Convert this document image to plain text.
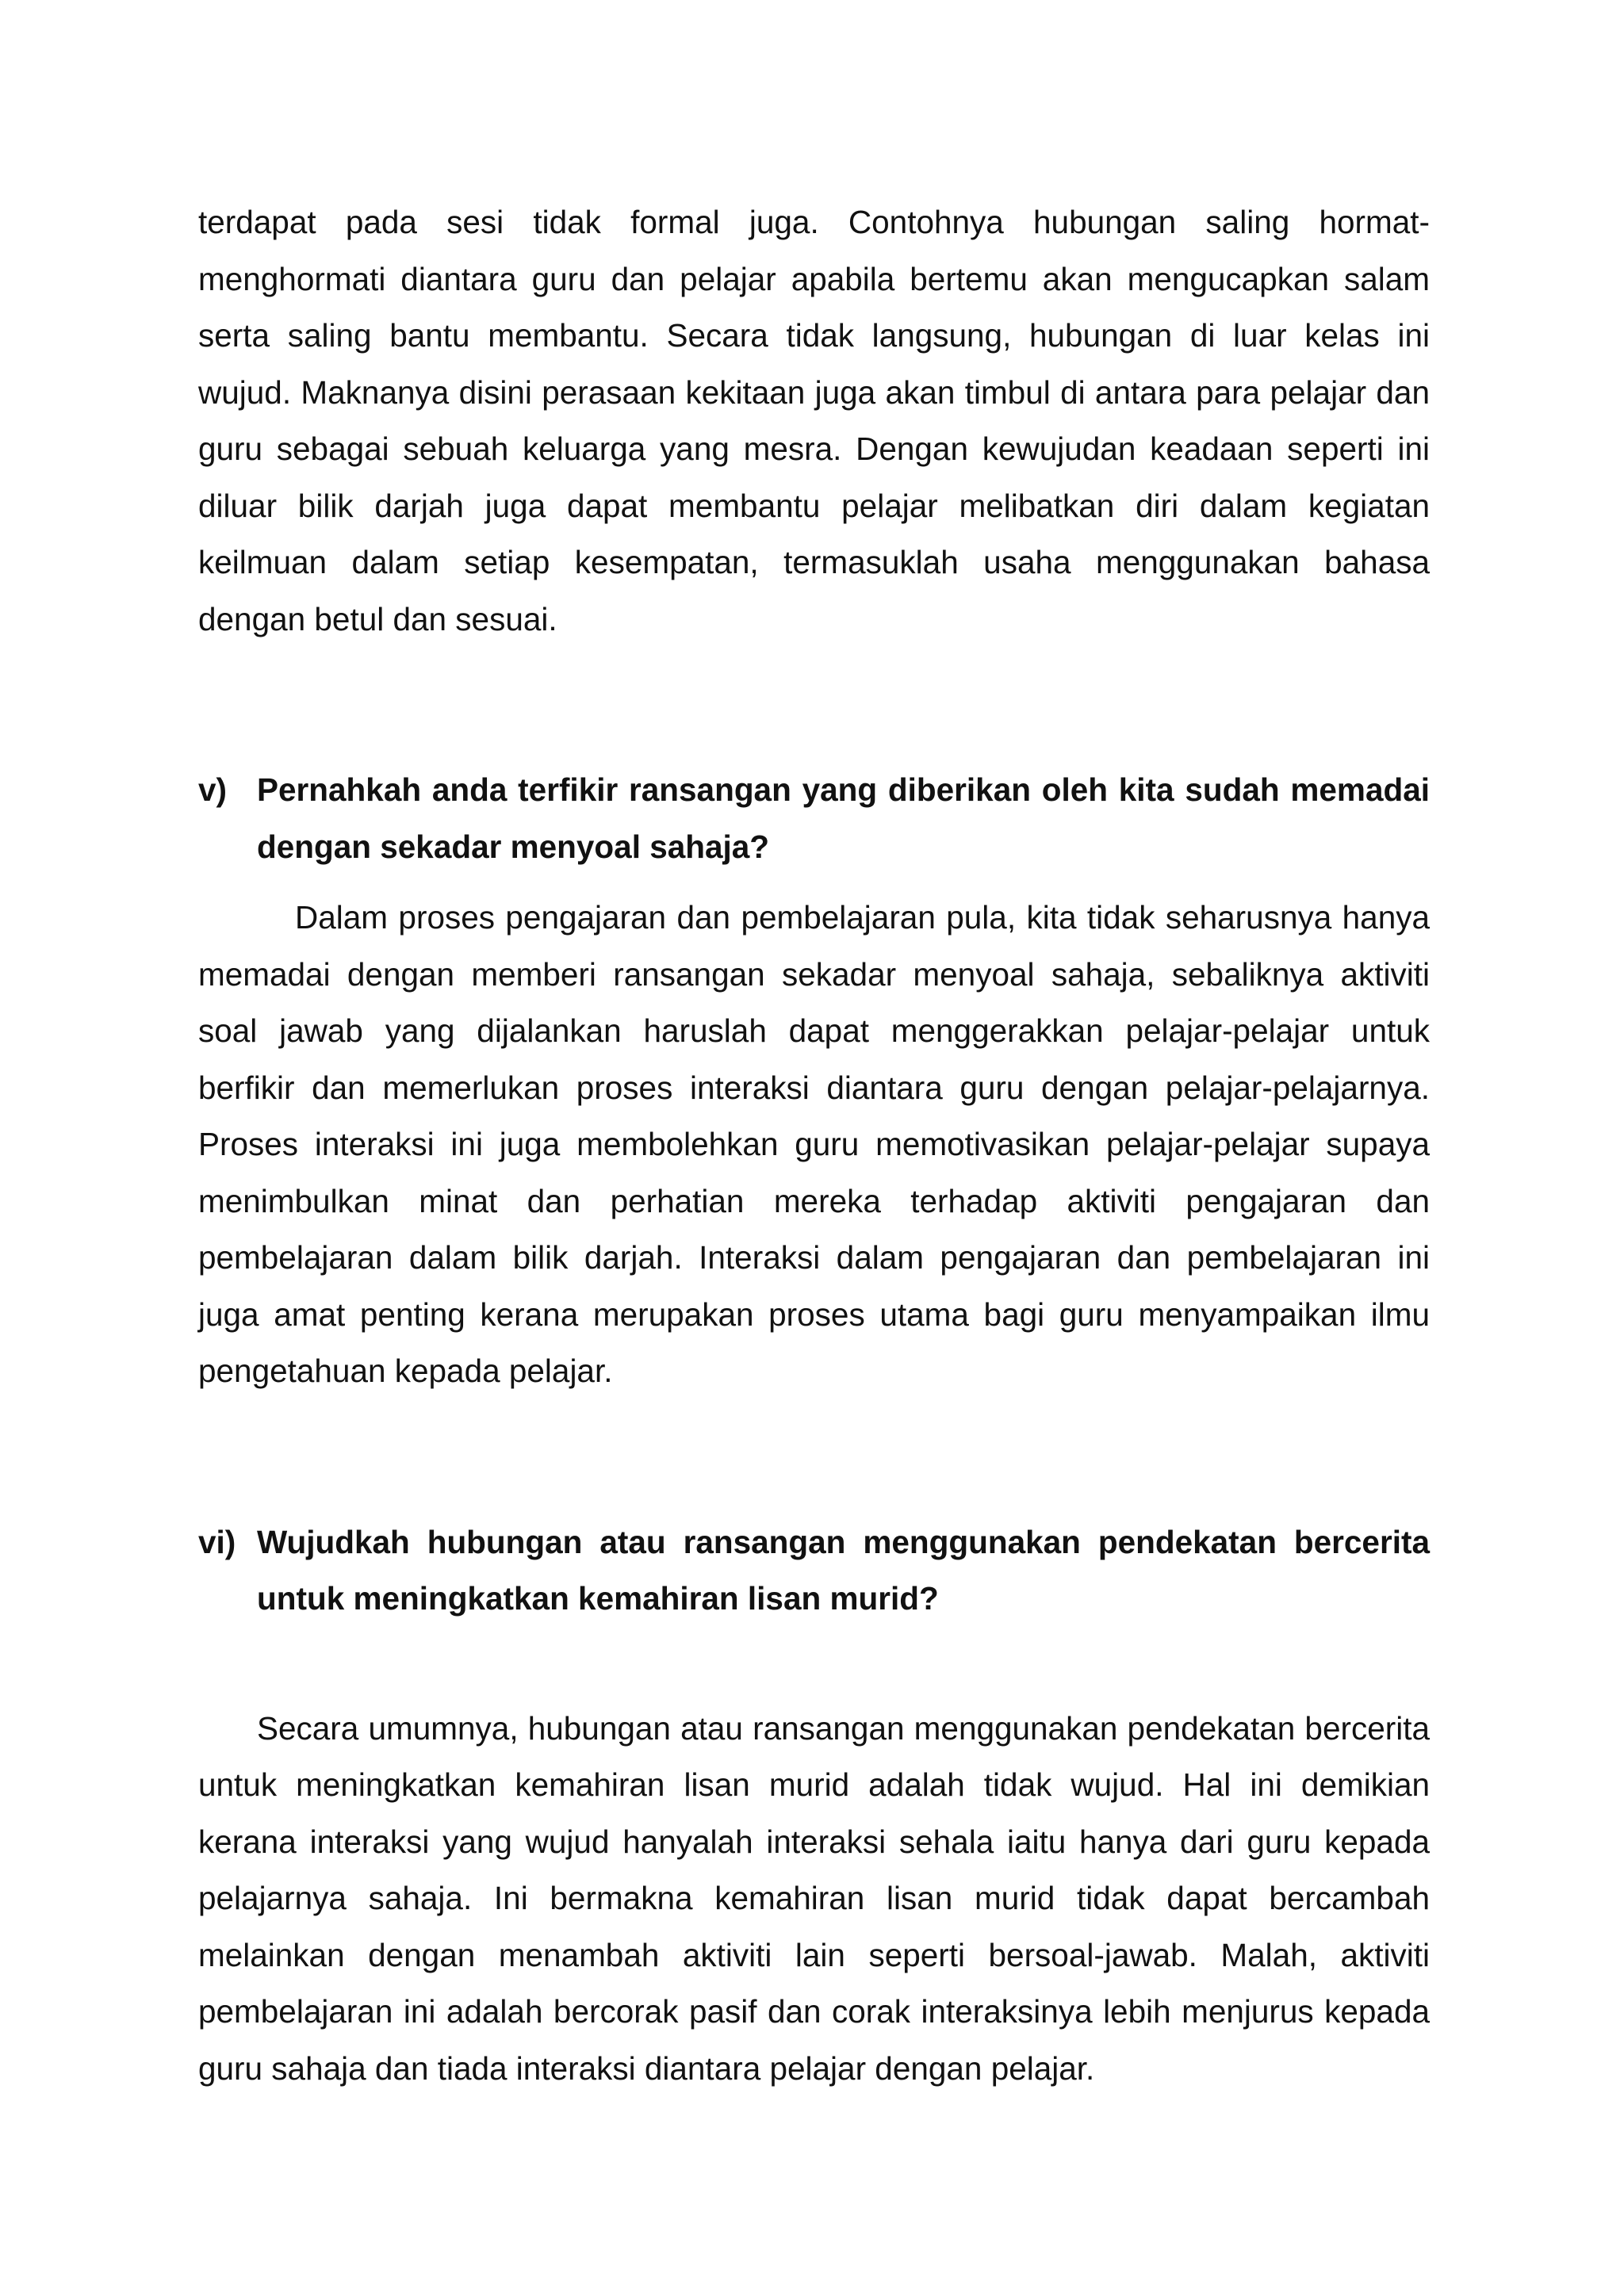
terdapat pada sesi tidak formal juga. Contohnya hubungan saling hormat-menghormati diantara guru dan pelajar apabila bertemu akan mengucapkan salam serta saling bantu membantu. Secara tidak langsung, hubungan di luar kelas ini wujud. Maknanya disini perasaan kekitaan juga akan timbul di antara para pelajar dan guru sebagai sebuah keluarga yang mesra. Dengan kewujudan keadaan seperti ini diluar bilik darjah juga dapat membantu pelajar melibatkan diri dalam kegiatan keilmuan dalam setiap kesempatan, termasuklah usaha menggunakan bahasa dengan betul dan sesuai.

v) Pernahkah anda terfikir ransangan yang diberikan oleh kita sudah memadai dengan sekadar menyoal sahaja?

Dalam proses pengajaran dan pembelajaran pula, kita tidak seharusnya hanya memadai dengan memberi ransangan sekadar menyoal sahaja, sebaliknya aktiviti soal jawab yang dijalankan haruslah dapat menggerakkan pelajar-pelajar untuk berfikir dan memerlukan proses interaksi diantara guru dengan pelajar-pelajarnya. Proses interaksi ini juga membolehkan guru memotivasikan pelajar-pelajar supaya menimbulkan minat dan perhatian mereka terhadap aktiviti pengajaran dan pembelajaran dalam bilik darjah. Interaksi dalam pengajaran dan pembelajaran ini juga amat penting kerana merupakan proses utama bagi guru menyampaikan ilmu pengetahuan kepada pelajar.

vi) Wujudkah hubungan atau ransangan menggunakan pendekatan bercerita untuk meningkatkan kemahiran lisan murid?

Secara umumnya, hubungan atau ransangan menggunakan pendekatan bercerita untuk meningkatkan kemahiran lisan murid adalah tidak wujud. Hal ini demikian kerana interaksi yang wujud hanyalah interaksi sehala iaitu hanya dari guru kepada pelajarnya sahaja. Ini bermakna kemahiran lisan murid tidak dapat bercambah melainkan dengan menambah aktiviti lain seperti bersoal-jawab. Malah, aktiviti pembelajaran ini adalah bercorak pasif dan corak interaksinya lebih menjurus kepada guru sahaja dan tiada interaksi diantara pelajar dengan pelajar.
